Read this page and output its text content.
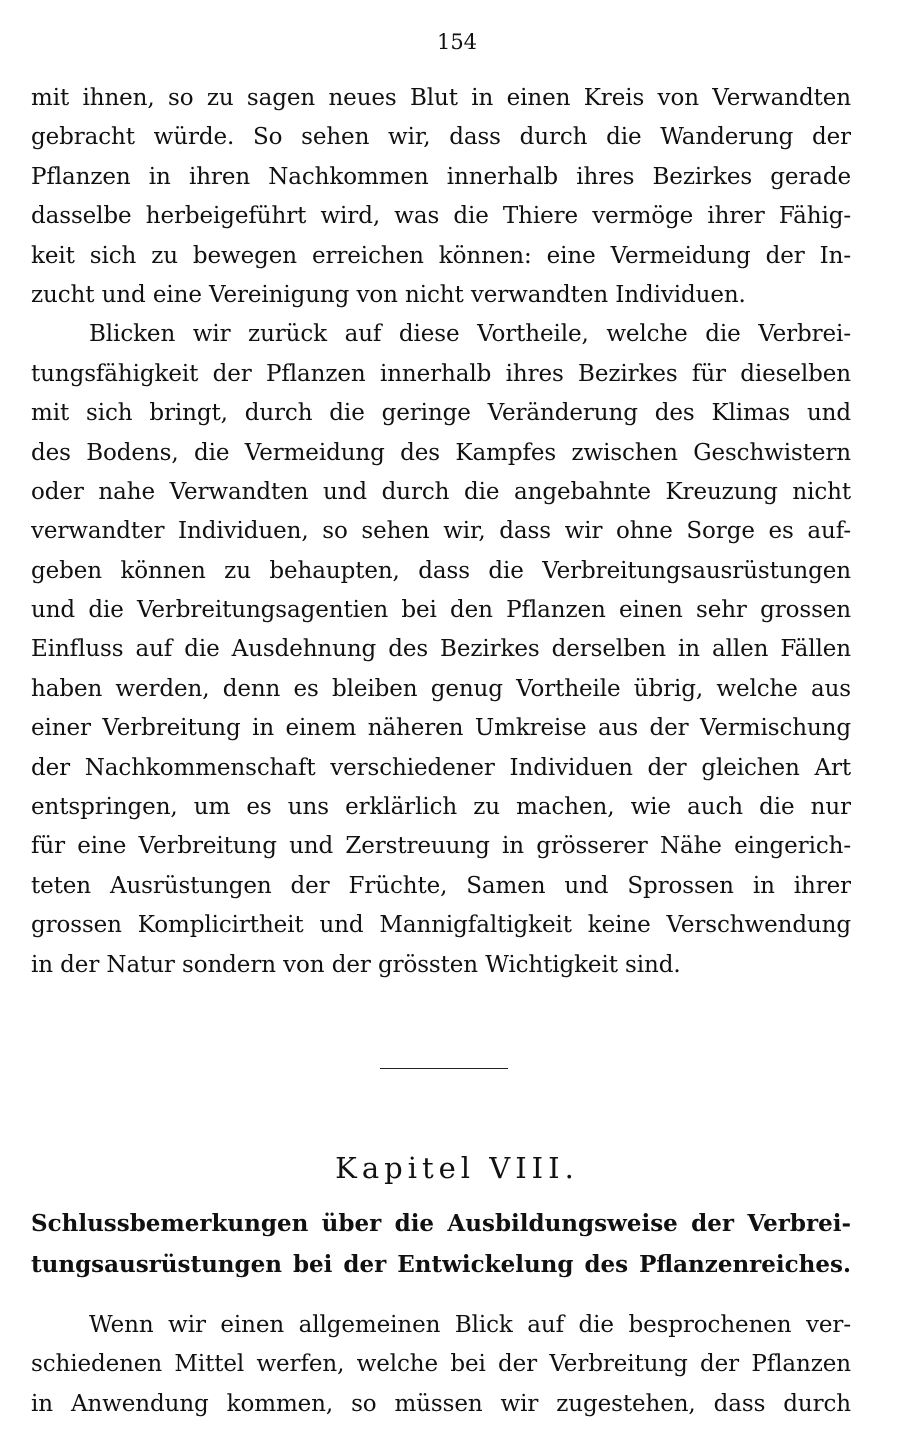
154
mit ihnen, so zu sagen neues Blut in einen Kreis von Verwandten
gebracht würde. So sehen wir, dass durch die Wanderung der
Pflanzen in ihren Nachkommen innerhalb ihres Bezirkes gerade
dasselbe herbeigeführt wird, was die Thiere vermöge ihrer Fähig-
keit sich zu bewegen erreichen können: eine Vermeidung der In-
zucht und eine Vereinigung von nicht verwandten Individuen.
Blicken wir zurück auf diese Vortheile, welche die Verbrei-
tungsfähigkeit der Pflanzen innerhalb ihres Bezirkes für dieselben
mit sich bringt, durch die geringe Veränderung des Klimas und
des Bodens, die Vermeidung des Kampfes zwischen Geschwistern
oder nahe Verwandten und durch die angebahnte Kreuzung nicht
verwandter Individuen, so sehen wir, dass wir ohne Sorge es auf-
geben können zu behaupten, dass die Verbreitungsausrüstungen
und die Verbreitungsagentien bei den Pflanzen einen sehr grossen
Einfluss auf die Ausdehnung des Bezirkes derselben in allen Fällen
haben werden, denn es bleiben genug Vortheile übrig, welche aus
einer Verbreitung in einem näheren Umkreise aus der Vermischung
der Nachkommenschaft verschiedener Individuen der gleichen Art
entspringen, um es uns erklärlich zu machen, wie auch die nur
für eine Verbreitung und Zerstreuung in grösserer Nähe eingerich-
teten Ausrüstungen der Früchte, Samen und Sprossen in ihrer
grossen Komplicirtheit und Mannigfaltigkeit keine Verschwendung
in der Natur sondern von der grössten Wichtigkeit sind.
Kapitel VIII.
Schlussbemerkungen über die Ausbildungsweise der Verbrei-
tungsausrüstungen bei der Entwickelung des Pflanzenreiches.
Wenn wir einen allgemeinen Blick auf die besprochenen ver-
schiedenen Mittel werfen, welche bei der Verbreitung der Pflanzen
in Anwendung kommen, so müssen wir zugestehen, dass durch
